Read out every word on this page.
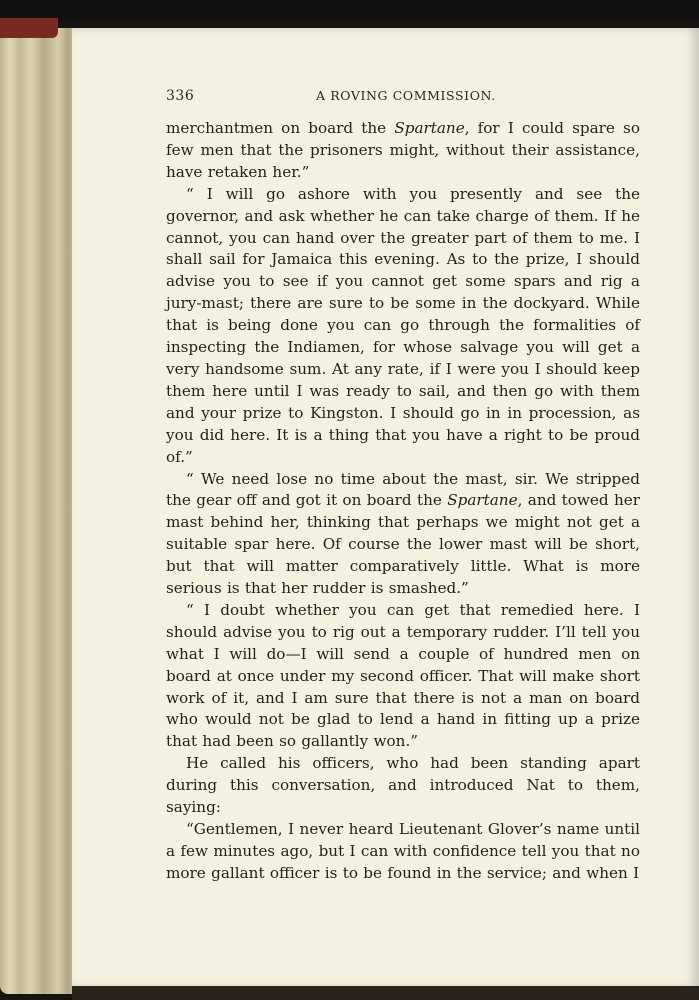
336	A ROVING COMMISSION.

merchantmen on board the Spartane, for I could spare so few men that the prisoners might, without their assistance, have retaken her.”

“ I will go ashore with you presently and see the governor, and ask whether he can take charge of them. If he cannot, you can hand over the greater part of them to me. I shall sail for Jamaica this evening. As to the prize, I should advise you to see if you cannot get some spars and rig a jury-mast; there are sure to be some in the dockyard. While that is being done you can go through the formalities of inspecting the Indiamen, for whose salvage you will get a very handsome sum. At any rate, if I were you I should keep them here until I was ready to sail, and then go with them and your prize to Kingston. I should go in in procession, as you did here. It is a thing that you have a right to be proud of.”

“ We need lose no time about the mast, sir. We stripped the gear off and got it on board the Spartane, and towed her mast behind her, thinking that perhaps we might not get a suitable spar here. Of course the lower mast will be short, but that will matter comparatively little. What is more serious is that her rudder is smashed.”

“ I doubt whether you can get that remedied here. I should advise you to rig out a temporary rudder. I’ll tell you what I will do—I will send a couple of hundred men on board at once under my second officer. That will make short work of it, and I am sure that there is not a man on board who would not be glad to lend a hand in fitting up a prize that had been so gallantly won.”

He called his officers, who had been standing apart during this conversation, and introduced Nat to them, saying:

“Gentlemen, I never heard Lieutenant Glover’s name until a few minutes ago, but I can with confidence tell you that no more gallant officer is to be found in the service; and when I
